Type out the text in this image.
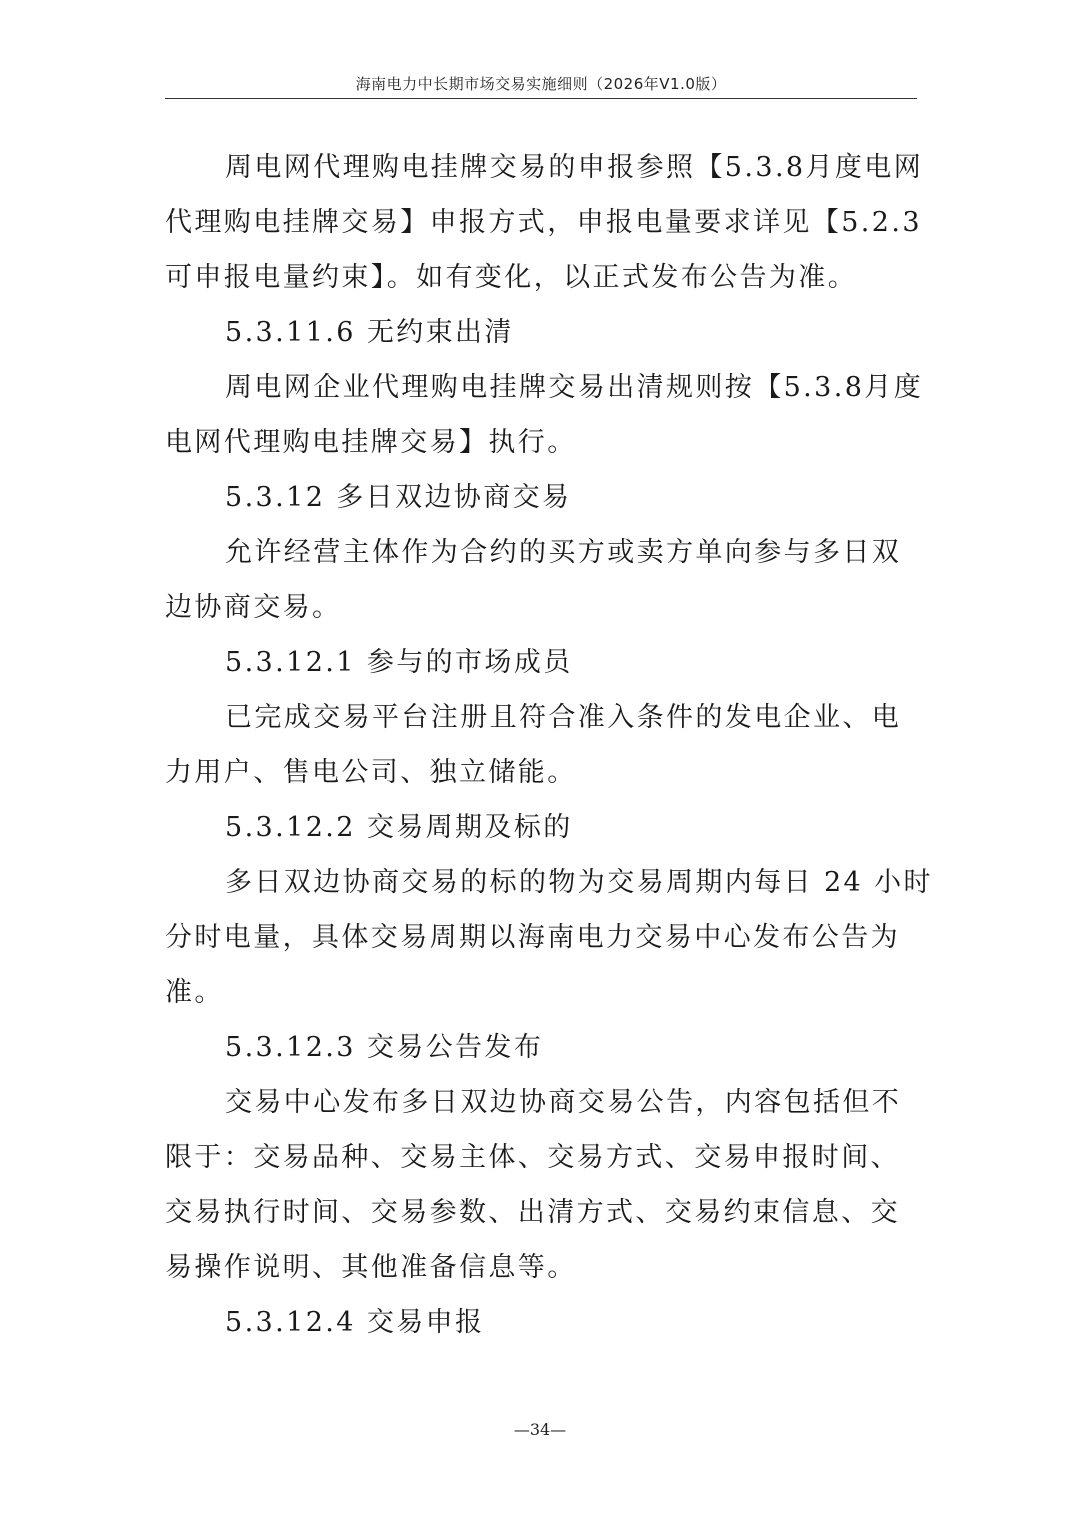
海南电力中长期市场交易实施细则（2026年V1.0版）
周电网代理购电挂牌交易的申报参照【5.3.8月度电网
代理购电挂牌交易】申报方式，申报电量要求详见【5.2.3
可申报电量约束】。如有变化，以正式发布公告为准。
5.3.11.6 无约束出清
周电网企业代理购电挂牌交易出清规则按【5.3.8月度
电网代理购电挂牌交易】执行。
5.3.12 多日双边协商交易
允许经营主体作为合约的买方或卖方单向参与多日双
边协商交易。
5.3.12.1 参与的市场成员
已完成交易平台注册且符合准入条件的发电企业、电
力用户、售电公司、独立储能。
5.3.12.2 交易周期及标的
多日双边协商交易的标的物为交易周期内每日 24 小时
分时电量，具体交易周期以海南电力交易中心发布公告为
准。
5.3.12.3 交易公告发布
交易中心发布多日双边协商交易公告，内容包括但不
限于：交易品种、交易主体、交易方式、交易申报时间、
交易执行时间、交易参数、出清方式、交易约束信息、交
易操作说明、其他准备信息等。
5.3.12.4 交易申报
—34—
